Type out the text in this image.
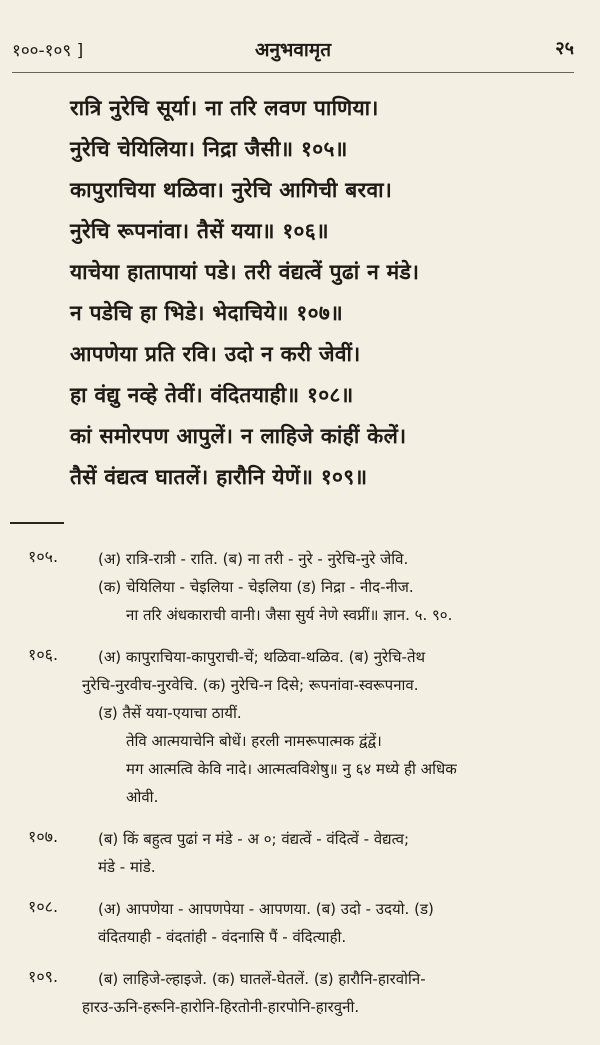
१००-१०९ ]	अनुभवामृत	२५
रात्रि नुरेचि सूर्या। ना तरि लवण पाणिया।
नुरेचि चेयिलिया। निद्रा जैसी॥ १०५॥
कापुराचिया थळिवा। नुरेचि आगिची बरवा।
नुरेचि रूपनांवा। तैसें यया॥ १०६॥
याचेया हातापायां पडे। तरी वंद्यत्वें पुढां न मंडे।
न पडेचि हा भिडे। भेदाचिये॥ १०७॥
आपणेया प्रति रवि। उदो न करी जेवीं।
हा वंद्यु नव्हे तेवीं। वंदितयाही॥ १०८॥
कां समोरपण आपुलें। न लाहिजे कांहीं केलें।
तैसें वंद्यत्व घातलें। हारौनि येणें॥ १०९॥
१०५.	(अ) रात्रि-रात्री - राति. (ब) ना तरी - नुरे - नुरेचि-नुरे जेवि.
(क) चेयिलिया - चेइलिया - चेइलिया (ड) निद्रा - नीद-नीज.
ना तरि अंधकाराची वानी। जैसा सुर्य नेणे स्वप्नीं॥ ज्ञान. ५. ९०.
१०६.	(अ) कापुराचिया-कापुराची-चें; थळिवा-थळिव. (ब) नुरेचि-तेथ
नुरेचि-नुरवीच-नुरवेचि. (क) नुरेचि-न दिसे; रूपनांवा-स्वरूपनाव.
(ड) तैसें यया-एयाचा ठायीं.
तेवि आत्मयाचेनि बोधें। हरली नामरूपात्मक द्वंद्वें।
मग आत्मत्वि केवि नादे। आत्मत्वविशेषु॥ नु ६४ मध्ये ही अधिक
ओवी.
१०७.	(ब) किं बहुत्व पुढां न मंडे - अ ०; वंद्यत्वें - वंदित्वें - वेद्यत्व;
मंडे - मांडे.
१०८.	(अ) आपणेया - आपणपेया - आपणया. (ब) उदो - उदयो. (ड)
वंदितयाही - वंदतांही - वंदनासि पैं - वंदित्याही.
१०९.	(ब) लाहिजे-ल्हाइजे. (क) घातलें-घेतलें. (ड) हारौनि-हारवोनि-
हारउ-ऊनि-हरूनि-हारोनि-हिरतोनी-हारपोनि-हारवुनी.
